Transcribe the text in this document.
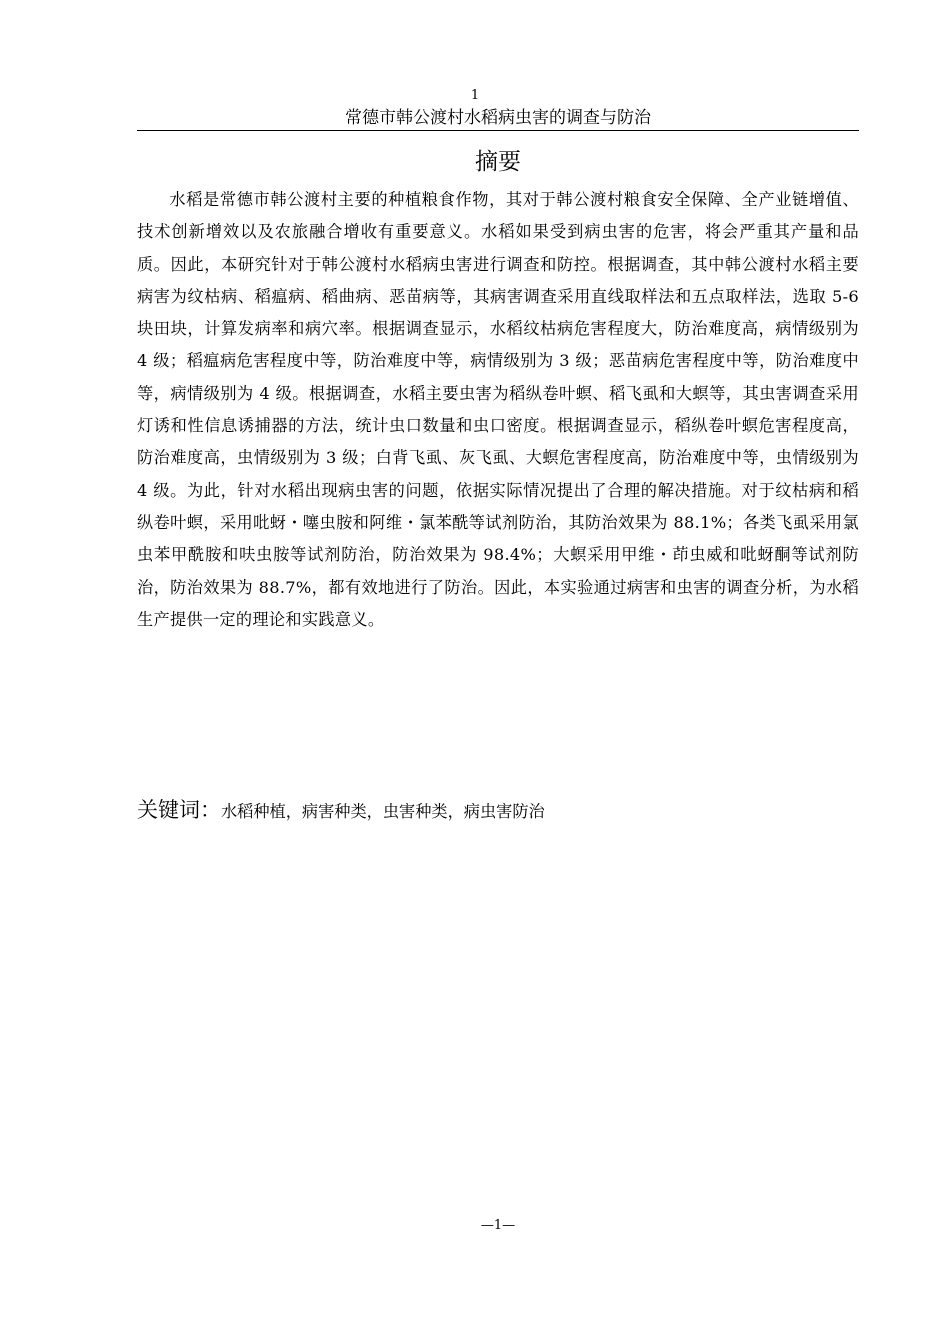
1
常德市韩公渡村水稻病虫害的调查与防治
摘要

水稻是常德市韩公渡村主要的种植粮食作物，其对于韩公渡村粮食安全保障、全产业链增值、技术创新增效以及农旅融合增收有重要意义。水稻如果受到病虫害的危害，将会严重其产量和品质。因此，本研究针对于韩公渡村水稻病虫害进行调查和防控。根据调查，其中韩公渡村水稻主要病害为纹枯病、稻瘟病、稻曲病、恶苗病等，其病害调查采用直线取样法和五点取样法，选取 5-6 块田块，计算发病率和病穴率。根据调查显示，水稻纹枯病危害程度大，防治难度高，病情级别为 4 级；稻瘟病危害程度中等，防治难度中等，病情级别为 3 级；恶苗病危害程度中等，防治难度中等，病情级别为 4 级。根据调查，水稻主要虫害为稻纵卷叶螟、稻飞虱和大螟等，其虫害调查采用灯诱和性信息诱捕器的方法，统计虫口数量和虫口密度。根据调查显示，稻纵卷叶螟危害程度高，防治难度高，虫情级别为 3 级；白背飞虱、灰飞虱、大螟危害程度高，防治难度中等，虫情级别为 4 级。为此，针对水稻出现病虫害的问题，依据实际情况提出了合理的解决措施。对于纹枯病和稻纵卷叶螟，采用吡蚜・噻虫胺和阿维・氯苯酰等试剂防治，其防治效果为 88.1%；各类飞虱采用氯虫苯甲酰胺和呋虫胺等试剂防治，防治效果为 98.4%；大螟采用甲维・茚虫威和吡蚜酮等试剂防治，防治效果为 88.7%，都有效地进行了防治。因此，本实验通过病害和虫害的调查分析，为水稻生产提供一定的理论和实践意义。

关键词：水稻种植，病害种类，虫害种类，病虫害防治
—1—
